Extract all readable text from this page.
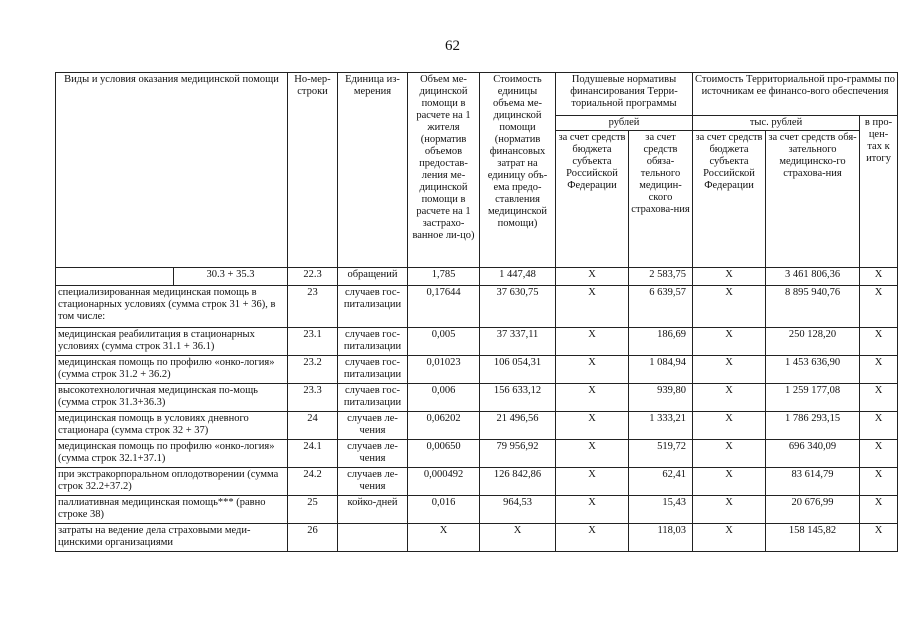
62
Виды и условия оказания медицинской помощи		Но-мер-строки	Единица из-мерения	Объем ме-дицинской помощи в расчете на 1 жителя (норматив объемов предостав-ления ме-дицинской помощи в расчете на 1 застрахо-ванное ли-цо)	Стоимость единицы объема ме-дицинской помощи (норматив финансовых затрат на единицу объ-ема предо-ставления медицинской помощи)	Подушевые нормативы финансирования Терри-ториальной программы		Стоимость Территориальной про-граммы по источникам ее финансо-вого обеспечения		
						рублей		тыс. рублей		в про-цен-тах к итогу
						за счет средств бюджета субъекта Российской Федерации	за счет средств обяза-тельного медицин-ского страхова-ния	за счет средств бюджета субъекта Российской Федерации	за счет средств обя-зательного медицинско-го страхова-ния	
	30.3 + 35.3	22.3	обращений	1,785	1 447,48	Х	2 583,75	Х	3 461 806,36	Х
специализированная медицинская помощь в стационарных условиях (сумма строк 31 + 36), в том числе:		23	случаев гос-питализации	0,17644	37 630,75	Х	6 639,57	Х	8 895 940,76	Х
медицинская реабилитация в стационарных условиях (сумма строк 31.1 + 36.1)		23.1	случаев гос-питализации	0,005	37 337,11	Х	186,69	Х	250 128,20	Х
медицинская помощь по профилю «онко-логия» (сумма строк 31.2 + 36.2)		23.2	случаев гос-питализации	0,01023	106 054,31	Х	1 084,94	Х	1 453 636,90	Х
высокотехнологичная медицинская по-мощь (сумма строк 31.3+36.3)		23.3	случаев гос-питализации	0,006	156 633,12	Х	939,80	Х	1 259 177,08	Х
медицинская помощь в условиях дневного стационара (сумма строк 32 + 37)		24	случаев ле-чения	0,06202	21 496,56	Х	1 333,21	Х	1 786 293,15	Х
медицинская помощь по профилю «онко-логия» (сумма строк 32.1+37.1)		24.1	случаев ле-чения	0,00650	79 956,92	Х	519,72	Х	696 340,09	Х
при экстракорпоральном оплодотворении (сумма строк 32.2+37.2)		24.2	случаев ле-чения	0,000492	126 842,86	Х	62,41	Х	83 614,79	Х
паллиативная медицинская помощь*** (равно строке 38)		25	койко-дней	0,016	964,53	Х	15,43	Х	20 676,99	Х
затраты на ведение дела страховыми меди-цинскими организациями		26		Х	Х	Х	118,03	Х	158 145,82	Х
